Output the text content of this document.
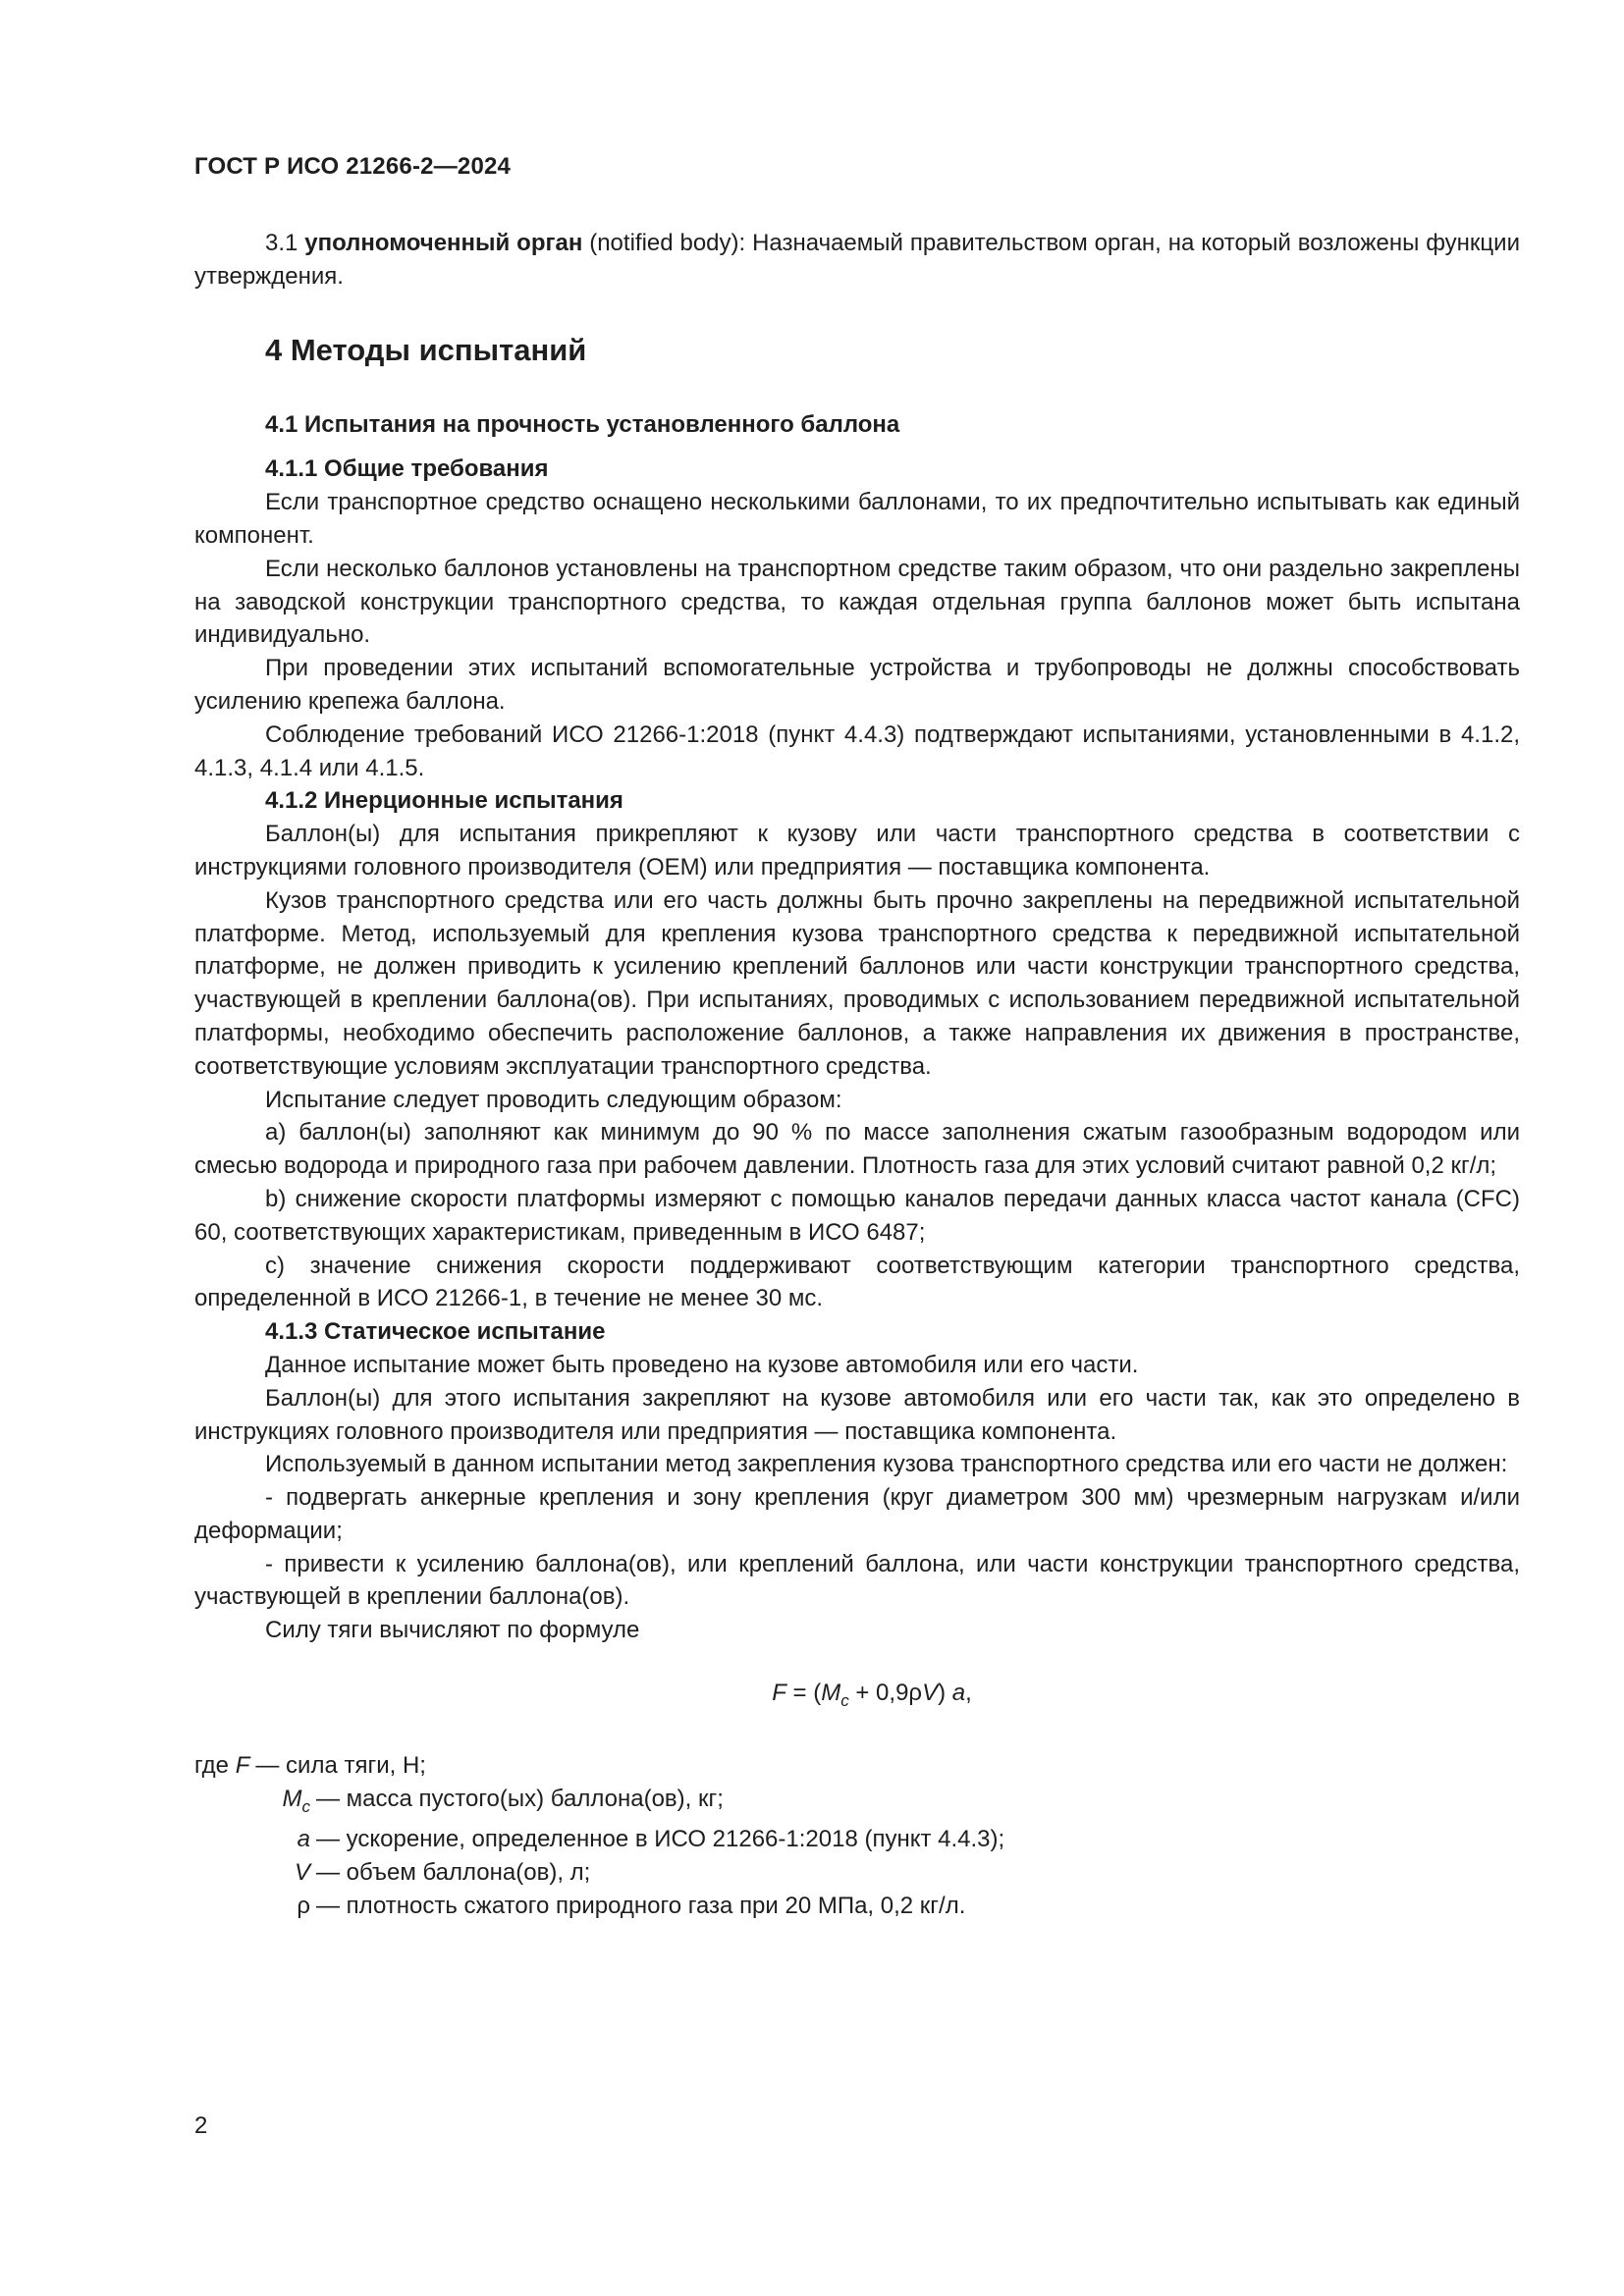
ГОСТ Р ИСО 21266-2—2024

3.1 уполномоченный орган (notified body): Назначаемый правительством орган, на который возложены функции утверждения.

4 Методы испытаний

4.1 Испытания на прочность установленного баллона

4.1.1 Общие требования

Если транспортное средство оснащено несколькими баллонами, то их предпочтительно испытывать как единый компонент.

Если несколько баллонов установлены на транспортном средстве таким образом, что они раздельно закреплены на заводской конструкции транспортного средства, то каждая отдельная группа баллонов может быть испытана индивидуально.

При проведении этих испытаний вспомогательные устройства и трубопроводы не должны способствовать усилению крепежа баллона.

Соблюдение требований ИСО 21266-1:2018 (пункт 4.4.3) подтверждают испытаниями, установленными в 4.1.2, 4.1.3, 4.1.4 или 4.1.5.

4.1.2 Инерционные испытания

Баллон(ы) для испытания прикрепляют к кузову или части транспортного средства в соответствии с инструкциями головного производителя (OEM) или предприятия — поставщика компонента.

Кузов транспортного средства или его часть должны быть прочно закреплены на передвижной испытательной платформе. Метод, используемый для крепления кузова транспортного средства к передвижной испытательной платформе, не должен приводить к усилению креплений баллонов или части конструкции транспортного средства, участвующей в креплении баллона(ов). При испытаниях, проводимых с использованием передвижной испытательной платформы, необходимо обеспечить расположение баллонов, а также направления их движения в пространстве, соответствующие условиям эксплуатации транспортного средства.

Испытание следует проводить следующим образом:

a) баллон(ы) заполняют как минимум до 90 % по массе заполнения сжатым газообразным водородом или смесью водорода и природного газа при рабочем давлении. Плотность газа для этих условий считают равной 0,2 кг/л;

b) снижение скорости платформы измеряют с помощью каналов передачи данных класса частот канала (CFC) 60, соответствующих характеристикам, приведенным в ИСО 6487;

c) значение снижения скорости поддерживают соответствующим категории транспортного средства, определенной в ИСО 21266-1, в течение не менее 30 мс.

4.1.3 Статическое испытание

Данное испытание может быть проведено на кузове автомобиля или его части.

Баллон(ы) для этого испытания закрепляют на кузове автомобиля или его части так, как это определено в инструкциях головного производителя или предприятия — поставщика компонента.

Используемый в данном испытании метод закрепления кузова транспортного средства или его части не должен:

- подвергать анкерные крепления и зону крепления (круг диаметром 300 мм) чрезмерным нагрузкам и/или деформации;

- привести к усилению баллона(ов), или креплений баллона, или части конструкции транспортного средства, участвующей в креплении баллона(ов).

Силу тяги вычисляют по формуле

$F = (M_c + 0,9\rho V)$ a,

где F — сила тяги, Н;

$M_c$ — масса пустого(ых) баллона(ов), кг;

a — ускорение, определенное в ИСО 21266-1:2018 (пункт 4.4.3);

V — объем баллона(ов), л;

ρ — плотность сжатого природного газа при 20 МПа, 0,2 кг/л.

2
